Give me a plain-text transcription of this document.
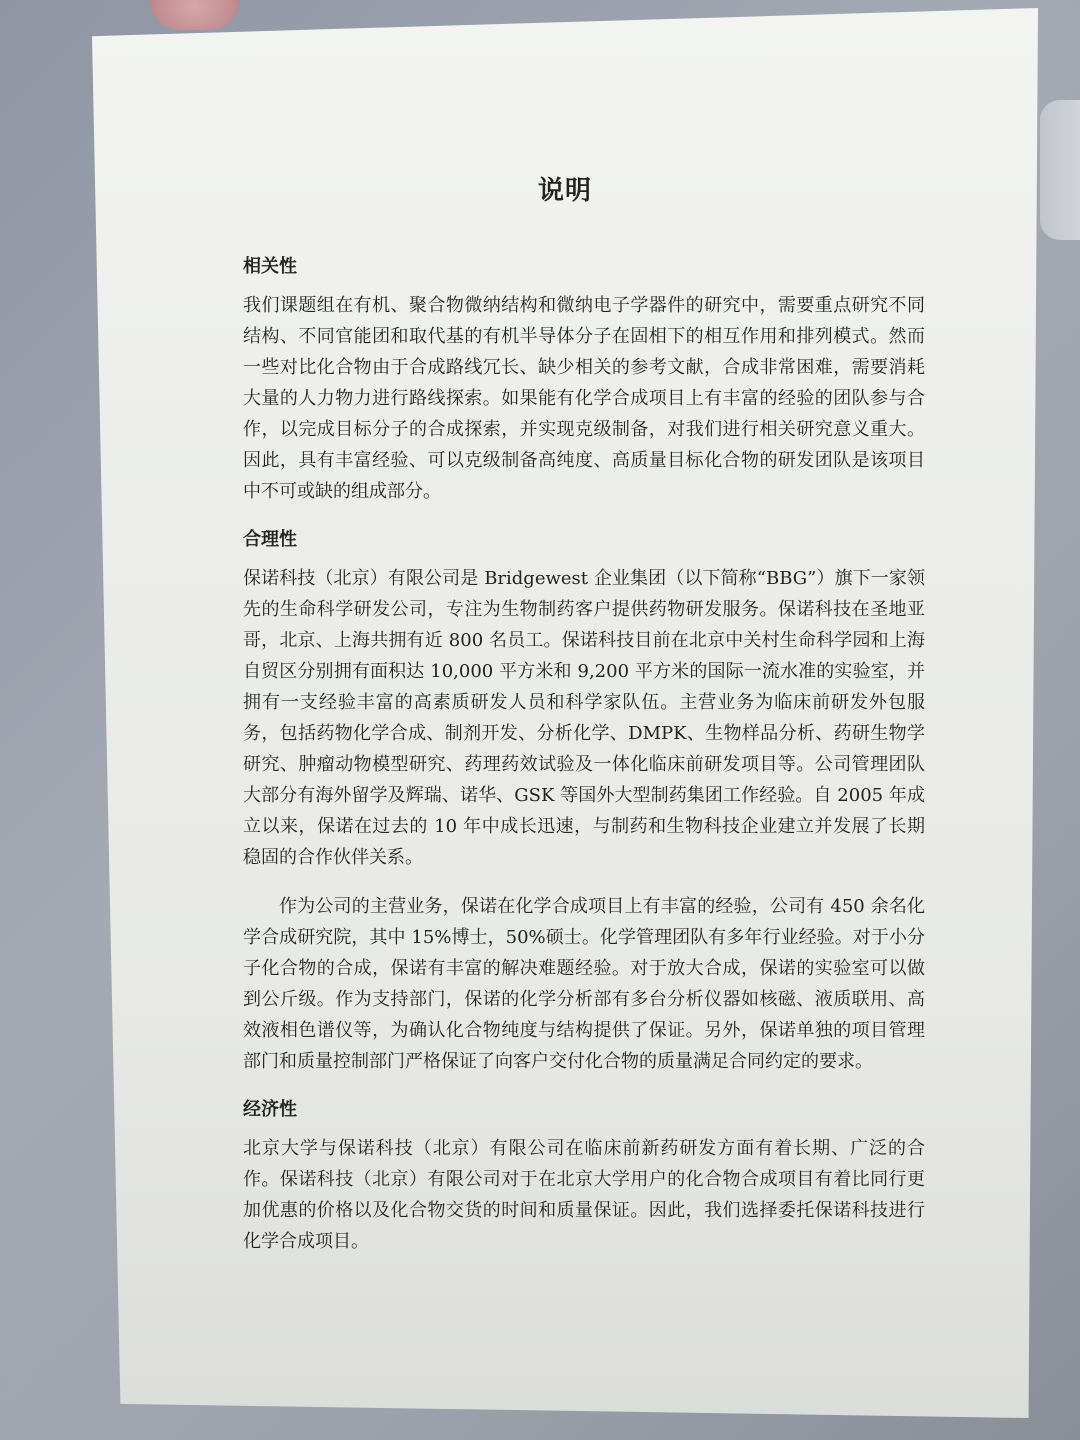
说明
相关性

我们课题组在有机、聚合物微纳结构和微纳电子学器件的研究中，需要重点研究不同结构、不同官能团和取代基的有机半导体分子在固相下的相互作用和排列模式。然而一些对比化合物由于合成路线冗长、缺少相关的参考文献，合成非常困难，需要消耗大量的人力物力进行路线探索。如果能有化学合成项目上有丰富的经验的团队参与合作，以完成目标分子的合成探索，并实现克级制备，对我们进行相关研究意义重大。因此，具有丰富经验、可以克级制备高纯度、高质量目标化合物的研发团队是该项目中不可或缺的组成部分。

合理性

保诺科技（北京）有限公司是 Bridgewest 企业集团（以下简称“BBG”）旗下一家领先的生命科学研发公司，专注为生物制药客户提供药物研发服务。保诺科技在圣地亚哥，北京、上海共拥有近 800 名员工。保诺科技目前在北京中关村生命科学园和上海自贸区分别拥有面积达 10,000 平方米和 9,200 平方米的国际一流水准的实验室，并拥有一支经验丰富的高素质研发人员和科学家队伍。主营业务为临床前研发外包服务，包括药物化学合成、制剂开发、分析化学、DMPK、生物样品分析、药研生物学研究、肿瘤动物模型研究、药理药效试验及一体化临床前研发项目等。公司管理团队大部分有海外留学及辉瑞、诺华、GSK 等国外大型制药集团工作经验。自 2005 年成立以来，保诺在过去的 10 年中成长迅速，与制药和生物科技企业建立并发展了长期稳固的合作伙伴关系。

作为公司的主营业务，保诺在化学合成项目上有丰富的经验，公司有 450 余名化学合成研究院，其中 15%博士，50%硕士。化学管理团队有多年行业经验。对于小分子化合物的合成，保诺有丰富的解决难题经验。对于放大合成，保诺的实验室可以做到公斤级。作为支持部门，保诺的化学分析部有多台分析仪器如核磁、液质联用、高效液相色谱仪等，为确认化合物纯度与结构提供了保证。另外，保诺单独的项目管理部门和质量控制部门严格保证了向客户交付化合物的质量满足合同约定的要求。

经济性

北京大学与保诺科技（北京）有限公司在临床前新药研发方面有着长期、广泛的合作。保诺科技（北京）有限公司对于在北京大学用户的化合物合成项目有着比同行更加优惠的价格以及化合物交货的时间和质量保证。因此，我们选择委托保诺科技进行化学合成项目。
